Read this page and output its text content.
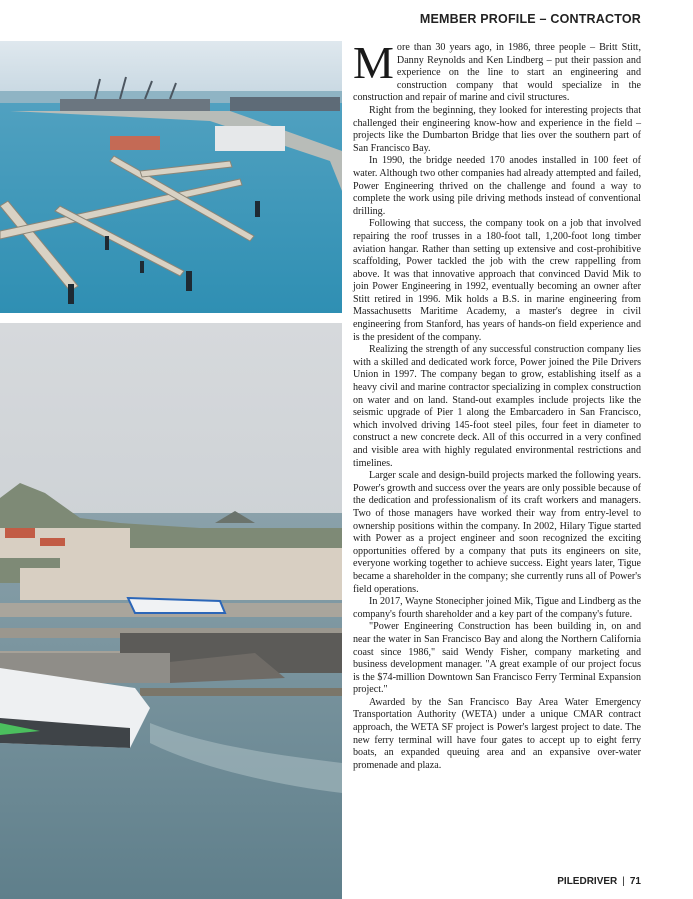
MEMBER PROFILE – CONTRACTOR

More than 30 years ago, in 1986, three people – Britt Stitt, Danny Reynolds and Ken Lindberg – put their passion and experience on the line to start an engineering and construction company that would specialize in the construction and repair of marine and civil structures.

Right from the beginning, they looked for interesting projects that challenged their engineering know-how and experience in the field – projects like the Dumbarton Bridge that lies over the southern part of San Francisco Bay.

In 1990, the bridge needed 170 anodes installed in 100 feet of water. Although two other companies had already attempted and failed, Power Engineering thrived on the challenge and found a way to complete the work using pile driving methods instead of conventional drilling.

Following that success, the company took on a job that involved repairing the roof trusses in a 180-foot tall, 1,200-foot long timber aviation hangar. Rather than setting up extensive and cost-prohibitive scaffolding, Power tackled the job with the crew rappelling from above. It was that innovative approach that convinced David Mik to join Power Engineering in 1992, eventually becoming an owner after Stitt retired in 1996. Mik holds a B.S. in marine engineering from Massachusetts Maritime Academy, a master's degree in civil engineering from Stanford, has years of hands-on field experience and is the president of the company.

Realizing the strength of any successful construction company lies with a skilled and dedicated work force, Power joined the Pile Drivers Union in 1997. The company began to grow, establishing itself as a heavy civil and marine contractor specializing in complex construction on water and on land. Stand-out examples include projects like the seismic upgrade of Pier 1 along the Embarcadero in San Francisco, which involved driving 145-foot steel piles, four feet in diameter to construct a new concrete deck. All of this occurred in a very confined and visible area with highly regulated environmental restrictions and timelines.

Larger scale and design-build projects marked the following years. Power's growth and success over the years are only possible because of the dedication and professionalism of its craft workers and managers. Two of those managers have worked their way from entry-level to ownership positions within the company. In 2002, Hilary Tigue started with Power as a project engineer and soon recognized the exciting opportunities offered by a company that puts its engineers on site, everyone working together to achieve success. Eight years later, Tigue became a shareholder in the company; she currently runs all of Power's field operations.

In 2017, Wayne Stonecipher joined Mik, Tigue and Lindberg as the company's fourth shareholder and a key part of the company's future.

"Power Engineering Construction has been building in, on and near the water in San Francisco Bay and along the Northern California coast since 1986," said Wendy Fisher, company marketing and business development manager. "A great example of our project focus is the $74-million Downtown San Francisco Ferry Terminal Expansion project."

Awarded by the San Francisco Bay Area Water Emergency Transportation Authority (WETA) under a unique CMAR contract approach, the WETA SF project is Power's largest project to date. The new ferry terminal will have four gates to accept up to eight ferry boats, an expanded queuing area and an expansive over-water promenade and plaza.

PILEDRIVER | 71
